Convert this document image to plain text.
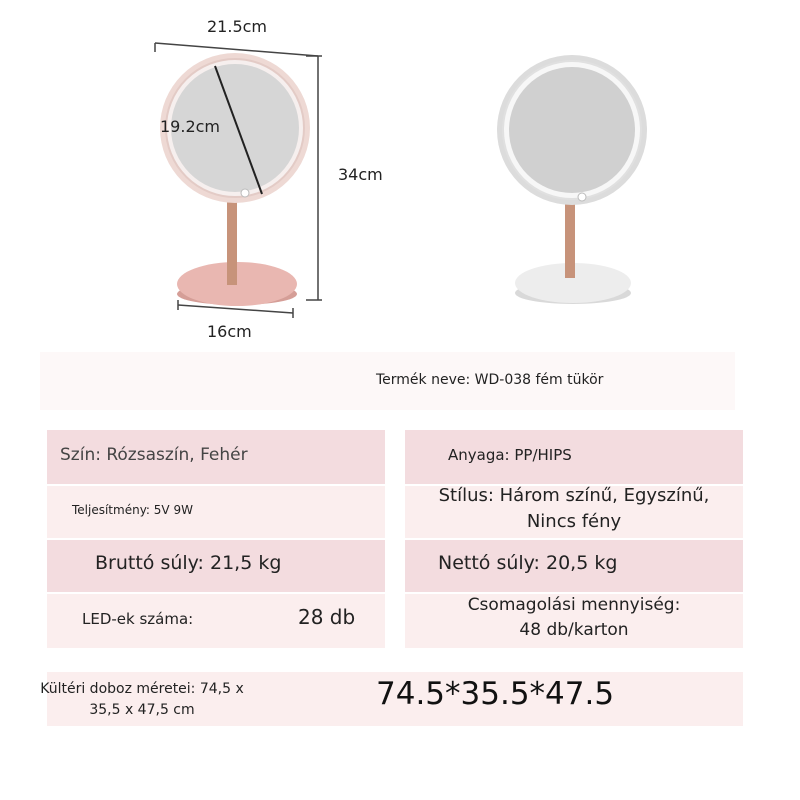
21.5cm
19.2cm
34cm
16cm
Termék neve: WD-038 fém tükör
Szín: Rózsaszín, Fehér
Teljesítmény: 5V 9W
Bruttó súly: 21,5 kg
LED-ek száma:	28 db
Anyaga: PP/HIPS
Stílus: Három színű, Egyszínű,
Nincs fény
Nettó súly: 20,5 kg
Csomagolási mennyiség:
48 db/karton
Kültéri doboz méretei: 74,5 x
35,5 x 47,5 cm	74.5*35.5*47.5
